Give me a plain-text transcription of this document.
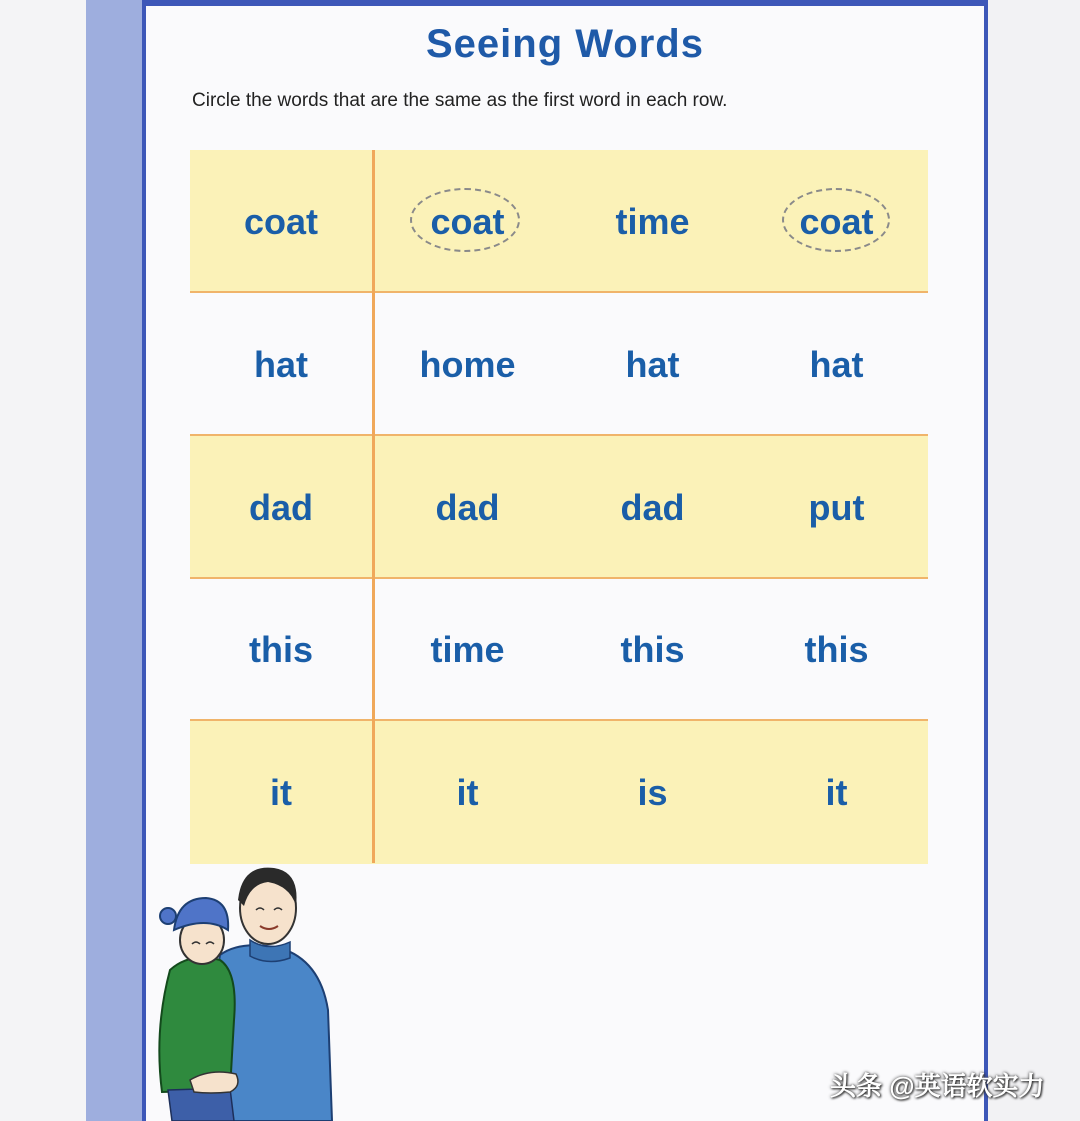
Seeing Words
Circle the words that are the same as the first word in each row.
coat	coat	time	coat
hat	home	hat	hat
dad	dad	dad	put
this	time	this	this
it	it	is	it
头条 @英语软实力
